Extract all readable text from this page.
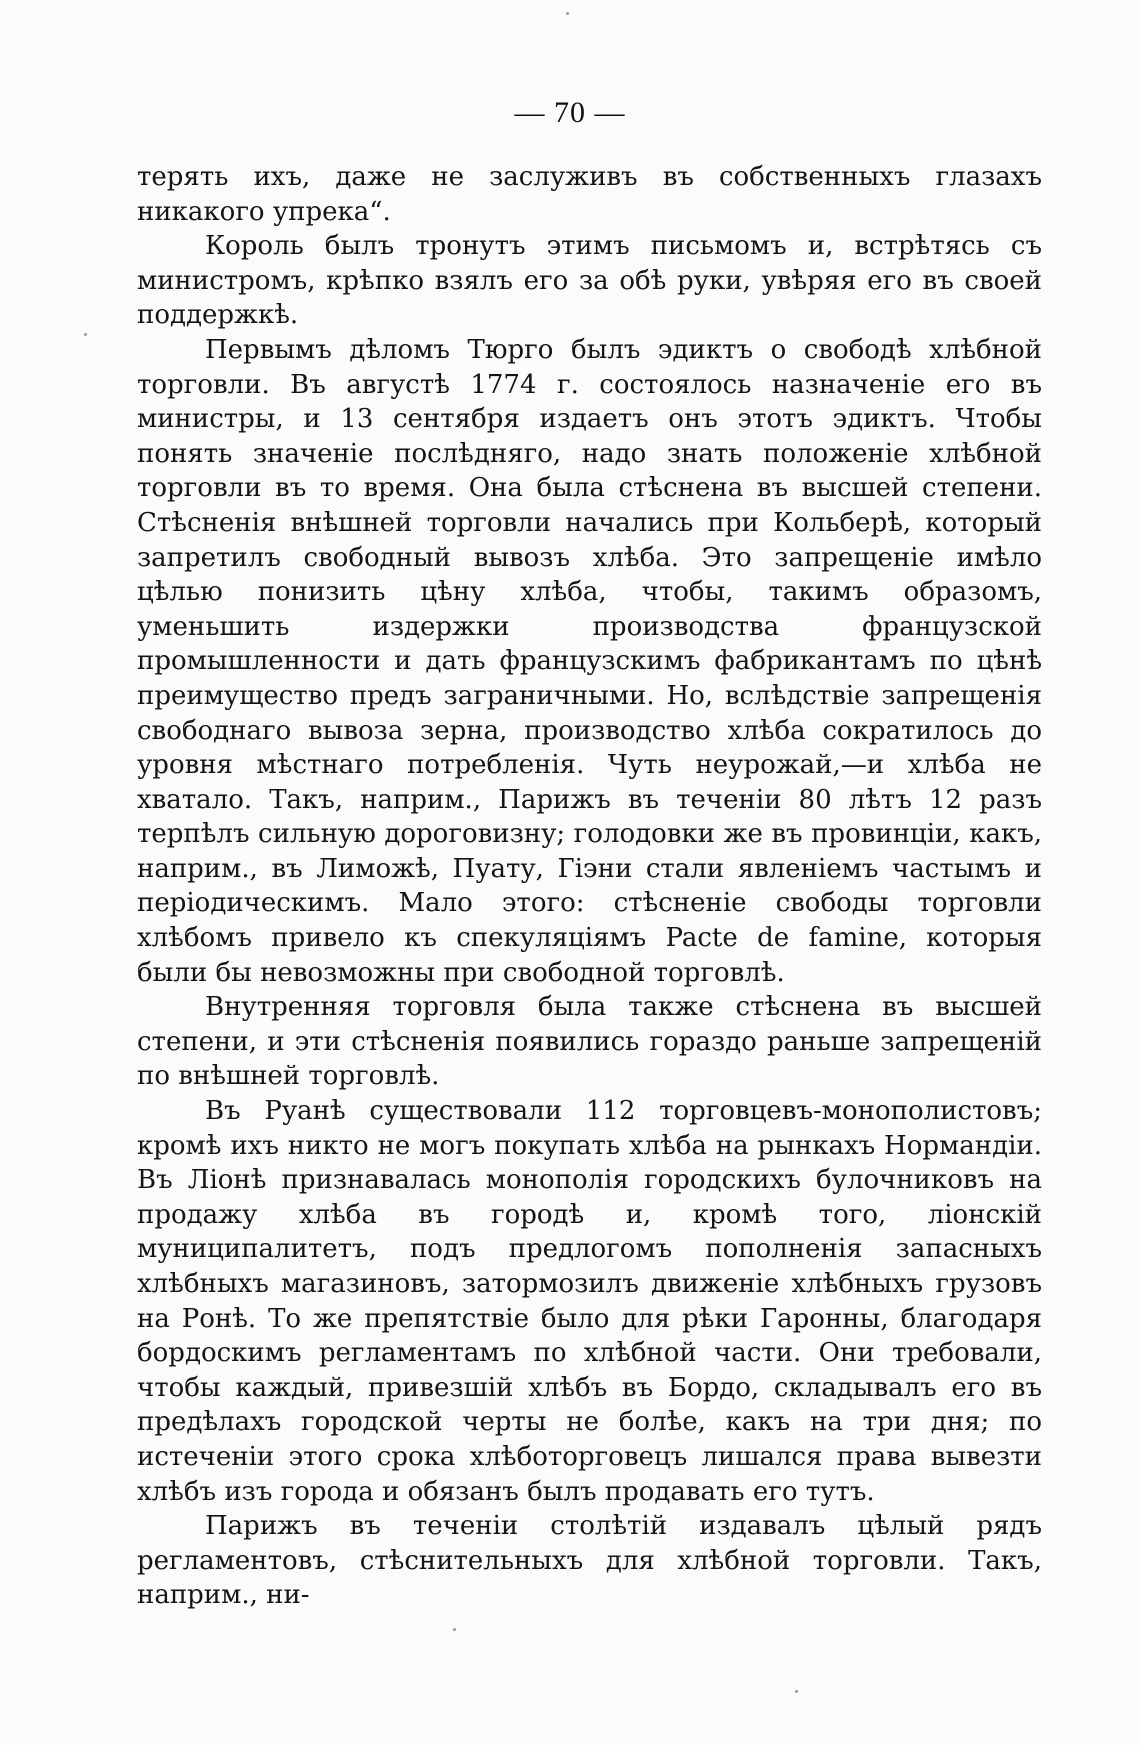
— 70 —

терять ихъ, даже не заслуживъ въ собственныхъ глазахъ никакого упрека“.

Король былъ тронутъ этимъ письмомъ и, встрѣтясь съ министромъ, крѣпко взялъ его за обѣ руки, увѣряя его въ своей поддержкѣ.

Первымъ дѣломъ Тюрго былъ эдиктъ о свободѣ хлѣбной торговли. Въ августѣ 1774 г. состоялось назначеніе его въ министры, и 13 сентября издаетъ онъ этотъ эдиктъ. Чтобы понять значеніе послѣдняго, надо знать положеніе хлѣбной торговли въ то время. Она была стѣснена въ высшей степени. Стѣсненія внѣшней торговли начались при Кольберѣ, который запретилъ свободный вывозъ хлѣба. Это запрещеніе имѣло цѣлью понизить цѣну хлѣба, чтобы, такимъ образомъ, уменьшить издержки производства французской промышленности и дать французскимъ фабрикантамъ по цѣнѣ преимущество предъ заграничными. Но, вслѣдствіе запрещенія свободнаго вывоза зерна, производство хлѣба сократилось до уровня мѣстнаго потребленія. Чуть неурожай,—и хлѣба не хватало. Такъ, наприм., Парижъ въ теченіи 80 лѣтъ 12 разъ терпѣлъ сильную дороговизну; голодовки же въ провинціи, какъ, наприм., въ Лиможѣ, Пуату, Гіэни стали явленіемъ частымъ и періодическимъ. Мало этого: стѣсненіе свободы торговли хлѣбомъ привело къ спекуляціямъ Pacte de famine, которыя были бы невозможны при свободной торговлѣ.

Внутренняя торговля была также стѣснена въ высшей степени, и эти стѣсненія появились гораздо раньше запрещеній по внѣшней торговлѣ.

Въ Руанѣ существовали 112 торговцевъ-монополистовъ; кромѣ ихъ никто не могъ покупать хлѣба на рынкахъ Нормандіи. Въ Ліонѣ признавалась монополія городскихъ булочниковъ на продажу хлѣба въ городѣ и, кромѣ того, ліонскій муниципалитетъ, подъ предлогомъ пополненія запасныхъ хлѣбныхъ магазиновъ, затормозилъ движеніе хлѣбныхъ грузовъ на Ронѣ. То же препятствіе было для рѣки Гаронны, благодаря бордоскимъ регламентамъ по хлѣбной части. Они требовали, чтобы каждый, привезшій хлѣбъ въ Бордо, складывалъ его въ предѣлахъ городской черты не болѣе, какъ на три дня; по истеченіи этого срока хлѣботорговецъ лишался права вывезти хлѣбъ изъ города и обязанъ былъ продавать его тутъ.

Парижъ въ теченіи столѣтій издавалъ цѣлый рядъ регламентовъ, стѣснительныхъ для хлѣбной торговли. Такъ, наприм., ни-
